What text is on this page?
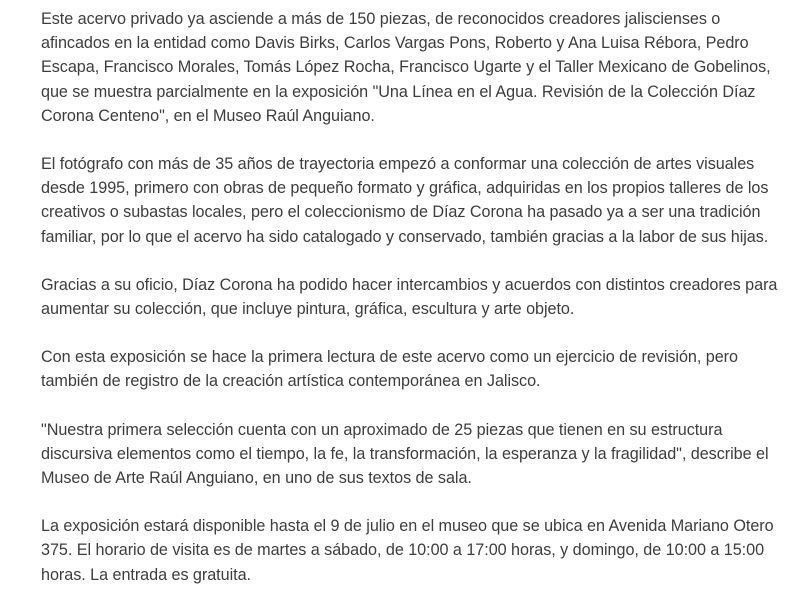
Este acervo privado ya asciende a más de 150 piezas, de reconocidos creadores jaliscienses o afincados en la entidad como Davis Birks, Carlos Vargas Pons, Roberto y Ana Luisa Rébora, Pedro Escapa, Francisco Morales, Tomás López Rocha, Francisco Ugarte y el Taller Mexicano de Gobelinos, que se muestra parcialmente en la exposición "Una Línea en el Agua. Revisión de la Colección Díaz Corona Centeno", en el Museo Raúl Anguiano.

El fotógrafo con más de 35 años de trayectoria empezó a conformar una colección de artes visuales desde 1995, primero con obras de pequeño formato y gráfica, adquiridas en los propios talleres de los creativos o subastas locales, pero el coleccionismo de Díaz Corona ha pasado ya a ser una tradición familiar, por lo que el acervo ha sido catalogado y conservado, también gracias a la labor de sus hijas.

Gracias a su oficio, Díaz Corona ha podido hacer intercambios y acuerdos con distintos creadores para aumentar su colección, que incluye pintura, gráfica, escultura y arte objeto.

Con esta exposición se hace la primera lectura de este acervo como un ejercicio de revisión, pero también de registro de la creación artística contemporánea en Jalisco.

"Nuestra primera selección cuenta con un aproximado de 25 piezas que tienen en su estructura discursiva elementos como el tiempo, la fe, la transformación, la esperanza y la fragilidad", describe el Museo de Arte Raúl Anguiano, en uno de sus textos de sala.

La exposición estará disponible hasta el 9 de julio en el museo que se ubica en Avenida Mariano Otero 375. El horario de visita es de martes a sábado, de 10:00 a 17:00 horas, y domingo, de 10:00 a 15:00 horas. La entrada es gratuita.
